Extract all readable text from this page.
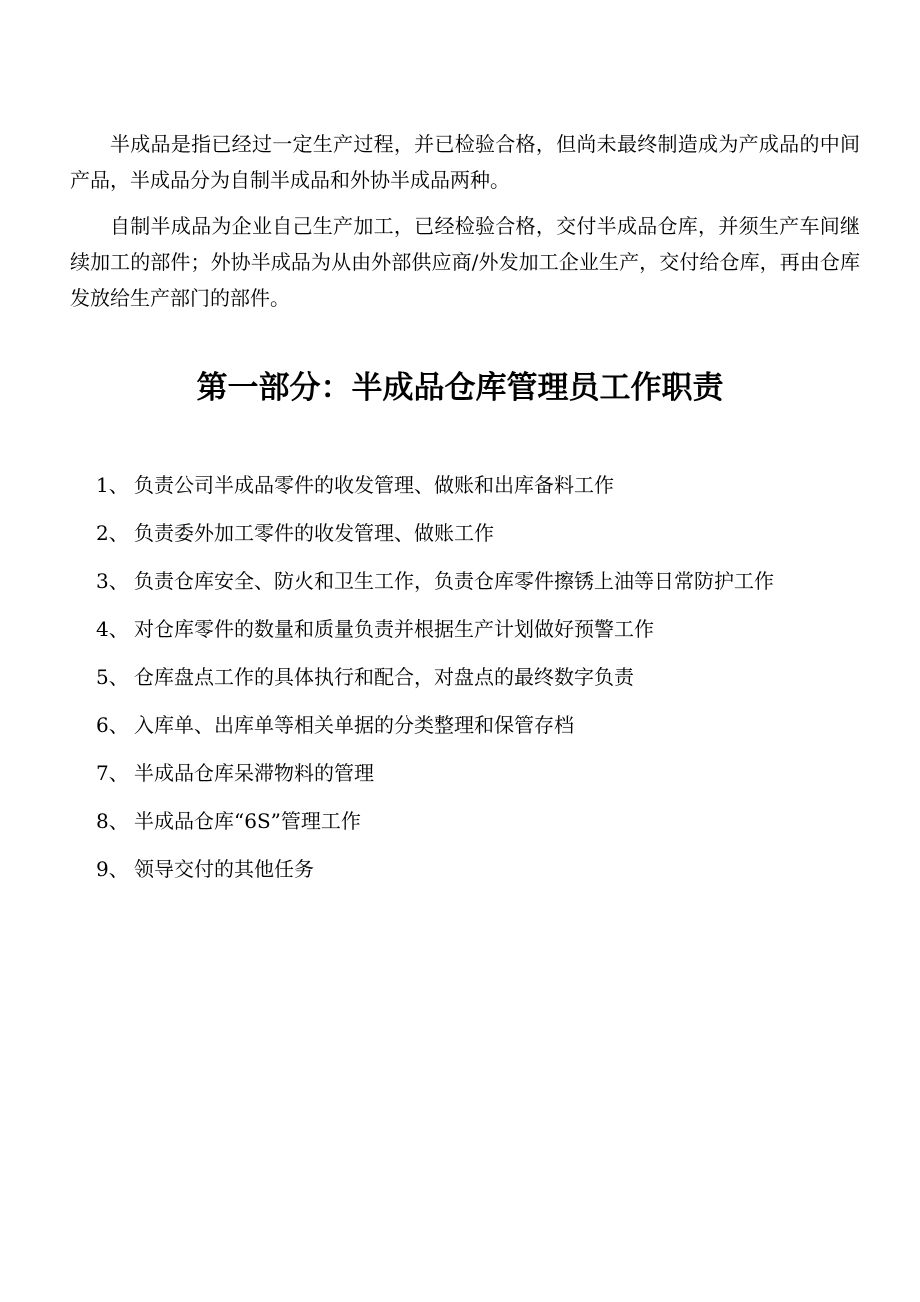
半成品是指已经过一定生产过程，并已检验合格，但尚未最终制造成为产成品的中间产品，半成品分为自制半成品和外协半成品两种。

自制半成品为企业自己生产加工，已经检验合格，交付半成品仓库，并须生产车间继续加工的部件；外协半成品为从由外部供应商/外发加工企业生产，交付给仓库，再由仓库发放给生产部门的部件。

第一部分：半成品仓库管理员工作职责
1、 负责公司半成品零件的收发管理、做账和出库备料工作
2、 负责委外加工零件的收发管理、做账工作
3、 负责仓库安全、防火和卫生工作，负责仓库零件擦锈上油等日常防护工作
4、 对仓库零件的数量和质量负责并根据生产计划做好预警工作
5、 仓库盘点工作的具体执行和配合，对盘点的最终数字负责
6、 入库单、出库单等相关单据的分类整理和保管存档
7、 半成品仓库呆滞物料的管理
8、 半成品仓库“6S”管理工作
9、 领导交付的其他任务
